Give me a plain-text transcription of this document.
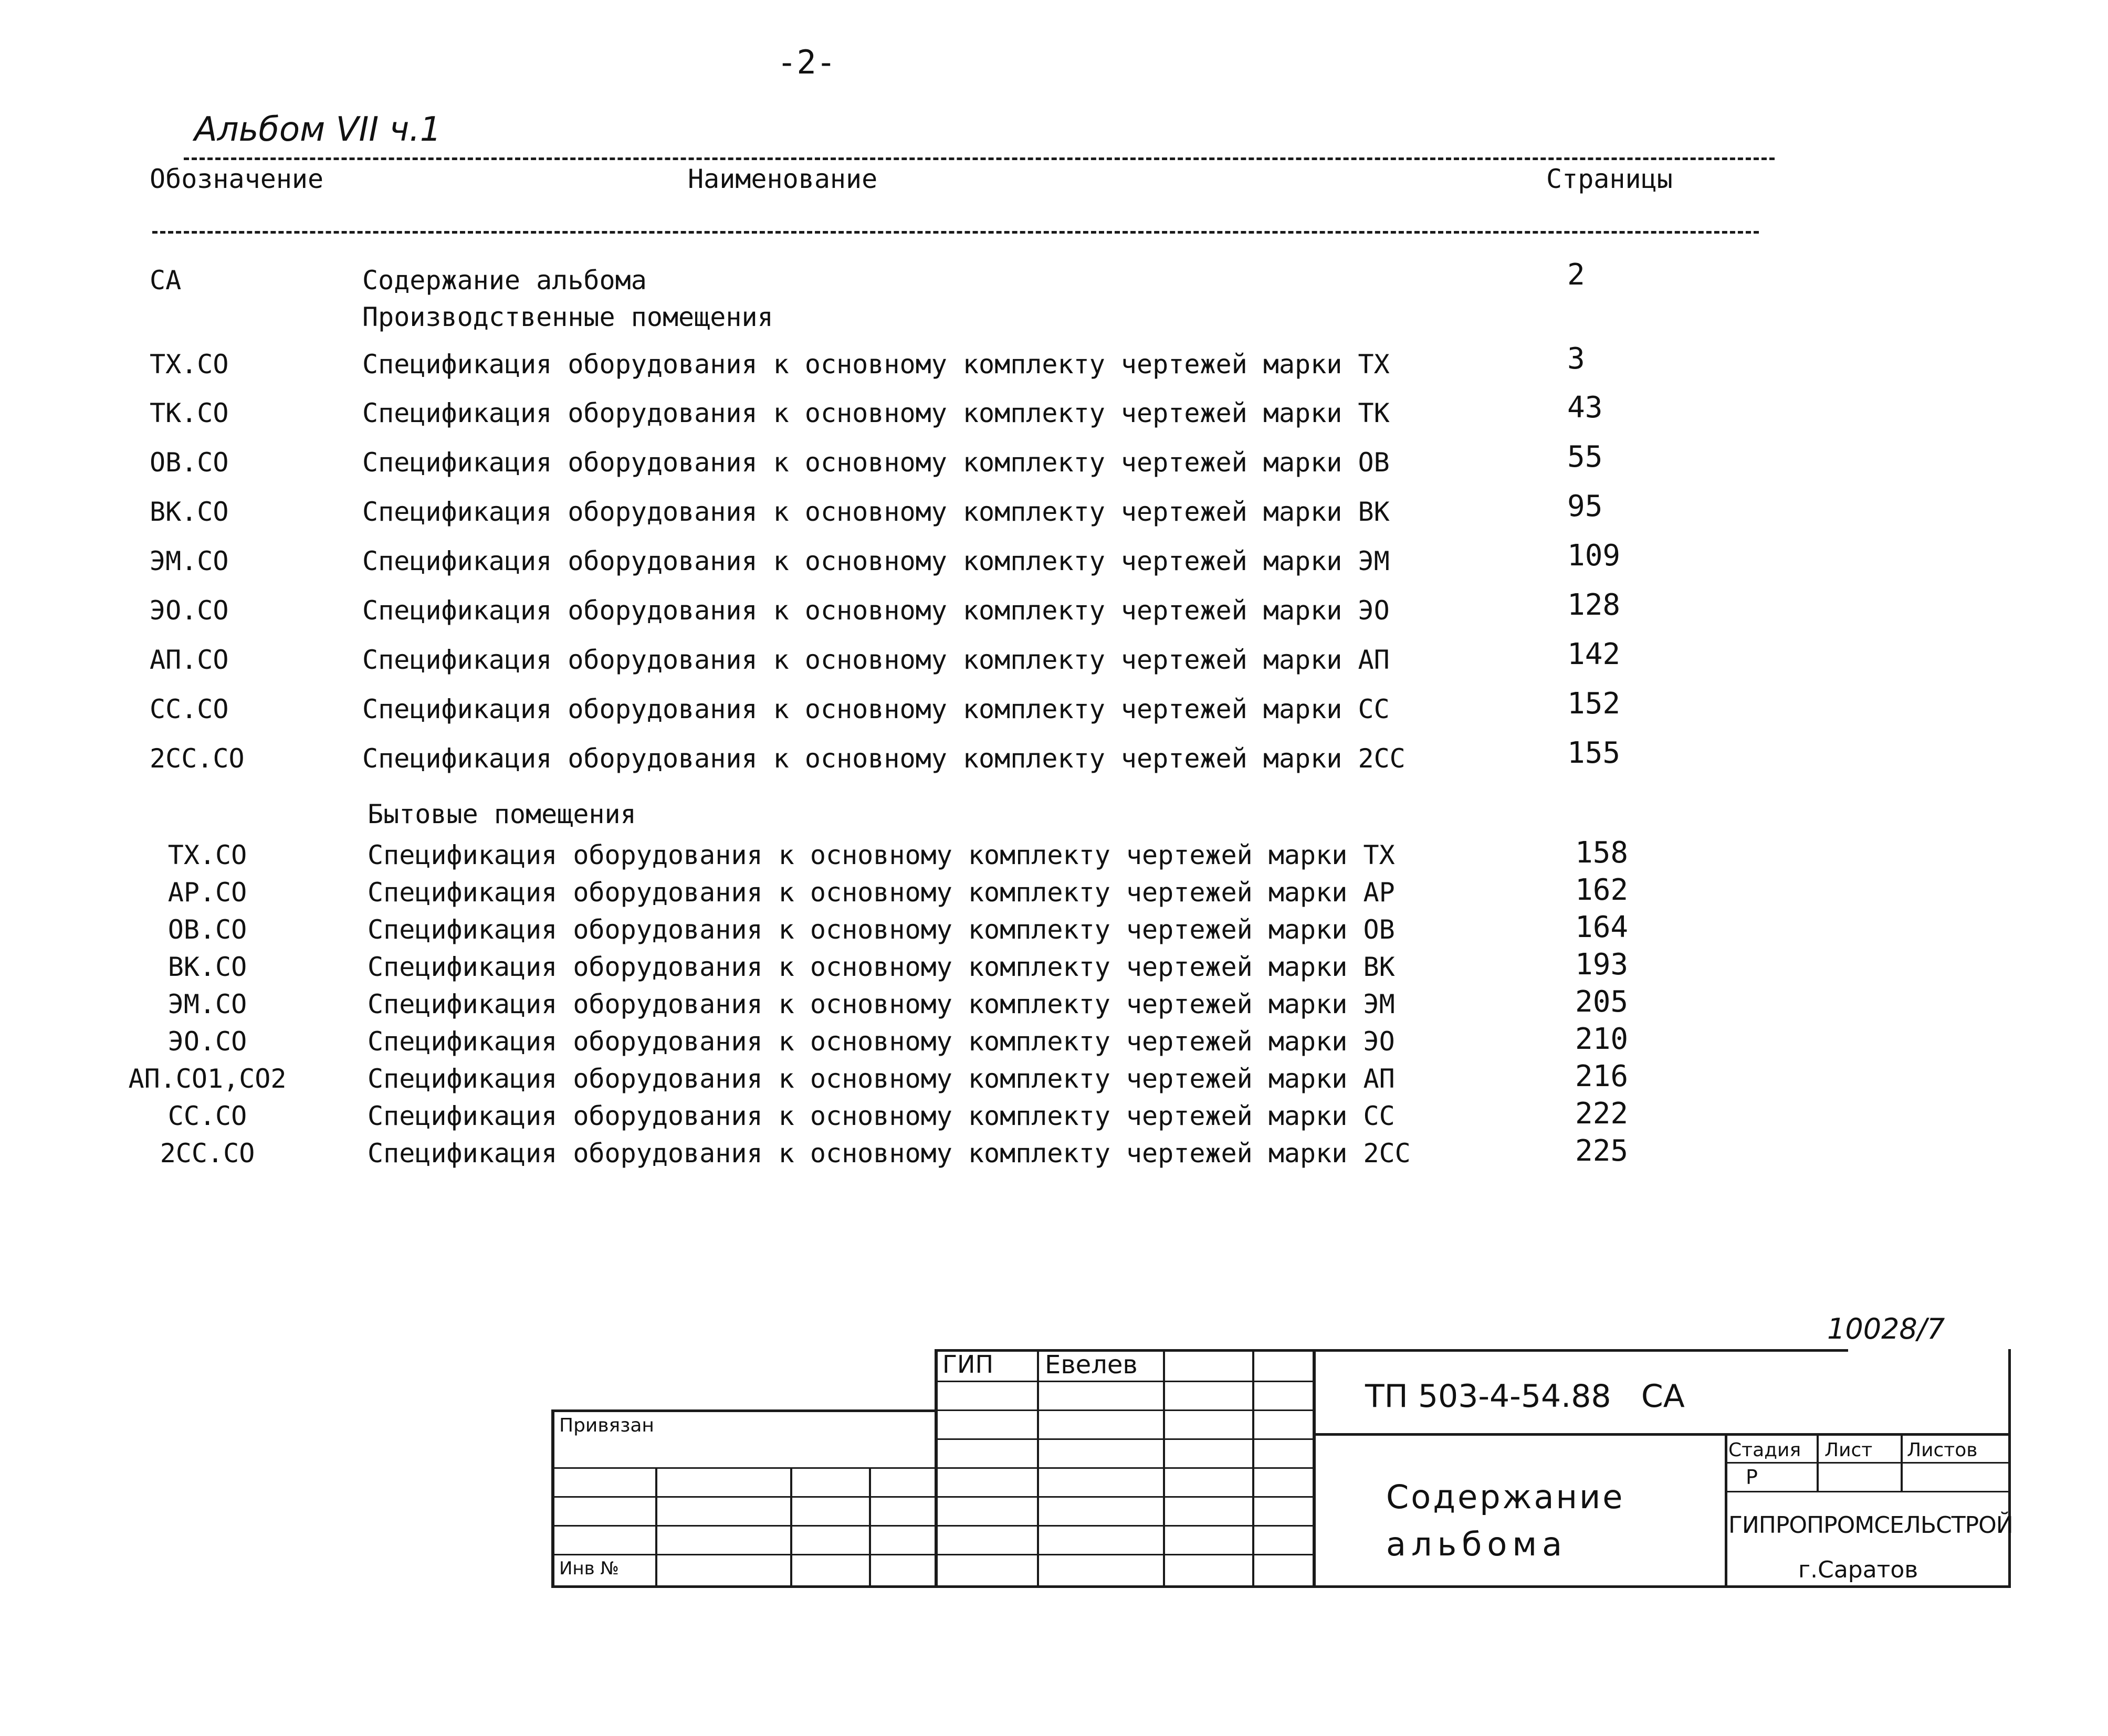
-2-
Альбом VII ч.1
Обозначение	Наименование	Страницы
СА	Содержание альбома	2
Производственные помещения
ТХ.СО	Спецификация оборудования к основному комплекту чертежей марки ТХ	3
ТК.СО	Спецификация оборудования к основному комплекту чертежей марки ТК	43
ОВ.СО	Спецификация оборудования к основному комплекту чертежей марки ОВ	55
ВК.СО	Спецификация оборудования к основному комплекту чертежей марки ВК	95
ЭМ.СО	Спецификация оборудования к основному комплекту чертежей марки ЭМ	109
ЭО.СО	Спецификация оборудования к основному комплекту чертежей марки ЭО	128
АП.СО	Спецификация оборудования к основному комплекту чертежей марки АП	142
СС.СО	Спецификация оборудования к основному комплекту чертежей марки СС	152
2СС.СО	Спецификация оборудования к основному комплекту чертежей марки 2СС	155
Бытовые помещения
ТХ.СО	Спецификация оборудования к основному комплекту чертежей марки ТХ	158
АР.СО	Спецификация оборудования к основному комплекту чертежей марки АР	162
ОВ.СО	Спецификация оборудования к основному комплекту чертежей марки ОВ	164
ВК.СО	Спецификация оборудования к основному комплекту чертежей марки ВК	193
ЭМ.СО	Спецификация оборудования к основному комплекту чертежей марки ЭМ	205
ЭО.СО	Спецификация оборудования к основному комплекту чертежей марки ЭО	210
АП.СО1,СО2	Спецификация оборудования к основному комплекту чертежей марки АП	216
СС.СО	Спецификация оборудования к основному комплекту чертежей марки СС	222
2СС.СО	Спецификация оборудования к основному комплекту чертежей марки 2СС	225
10028/7
ГИП Евелев
Привязан
Инв №
ТП 503-4-54.88   СА
Стадия Лист Листов
Р
Содержание
альбома	ГИПРОПРОМСЕЛЬСТРОЙ
г.Саратов
